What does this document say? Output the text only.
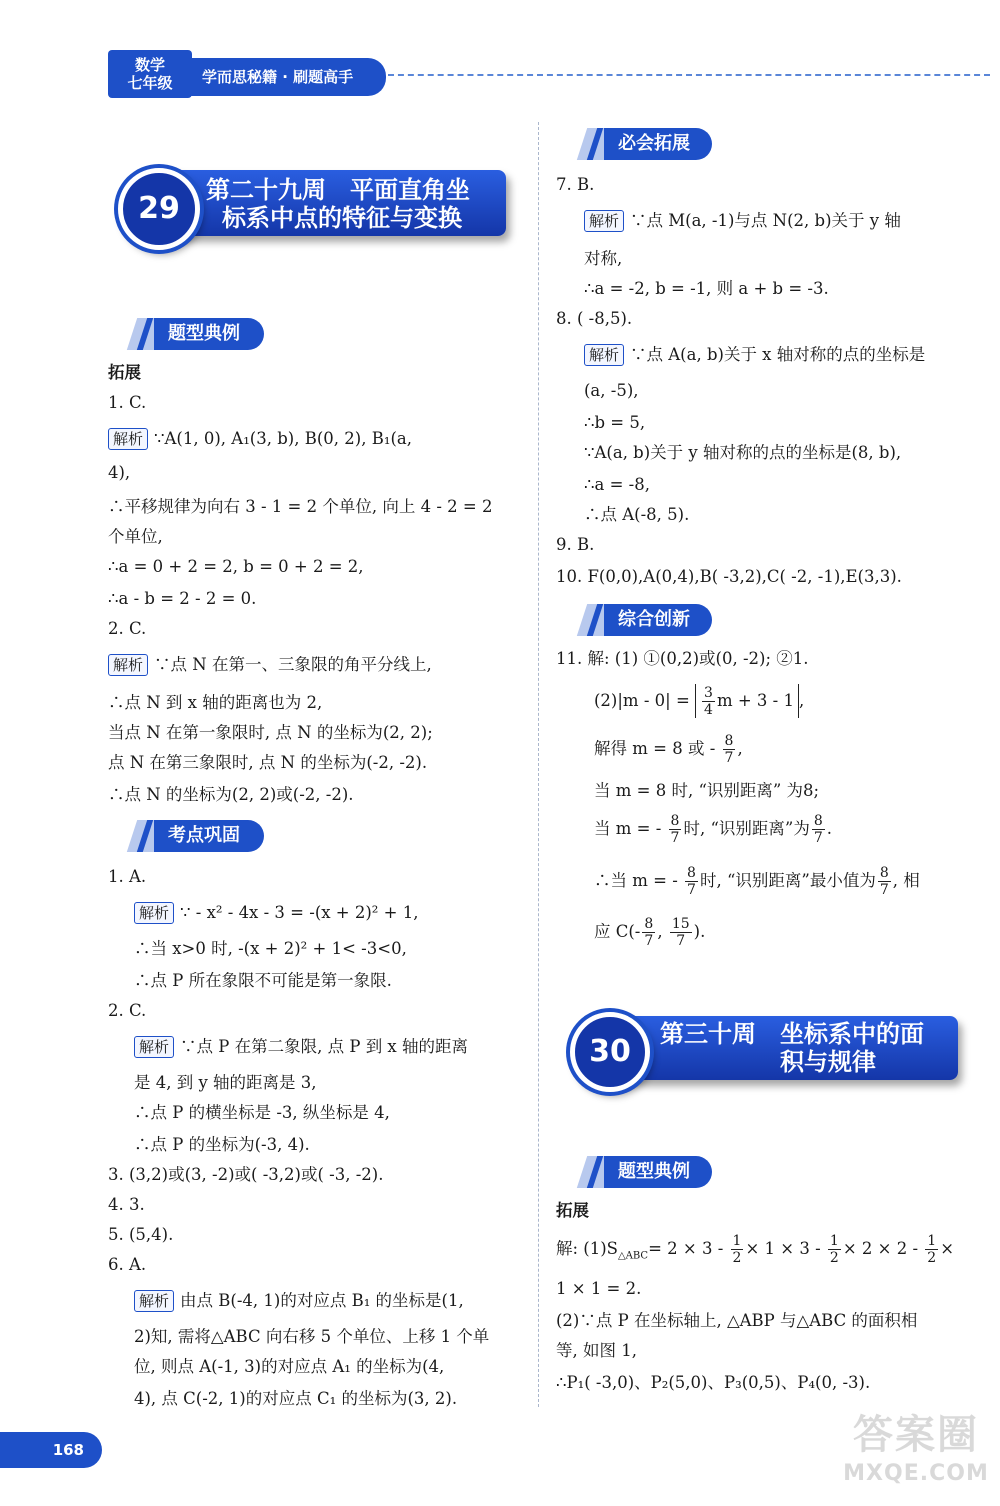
数学
七年级	学而思秘籍 · 刷题高手
第二十九周　平面直角坐
标系中点的特征与变换
29
题型典例
拓展
1. C.
解析 ∵A(1, 0), A₁(3, b), B(0, 2), B₁(a,
4),
∴平移规律为向右 3 - 1 = 2 个单位, 向上 4 - 2 = 2
个单位,
∴a = 0 + 2 = 2, b = 0 + 2 = 2,
∴a - b = 2 - 2 = 0.
2. C.
解析 ∵点 N 在第一、三象限的角平分线上,
∴点 N 到 x 轴的距离也为 2,
当点 N 在第一象限时, 点 N 的坐标为(2, 2);
点 N 在第三象限时, 点 N 的坐标为(-2, -2).
∴点 N 的坐标为(2, 2)或(-2, -2).
考点巩固
1. A.
解析 ∵ - x² - 4x - 3 = -(x + 2)² + 1,
∴当 x>0 时, -(x + 2)² + 1< -3<0,
∴点 P 所在象限不可能是第一象限.
2. C.
解析 ∵点 P 在第二象限, 点 P 到 x 轴的距离
是 4, 到 y 轴的距离是 3,
∴点 P 的横坐标是 -3, 纵坐标是 4,
∴点 P 的坐标为(-3, 4).
3. (3,2)或(3, -2)或( -3,2)或( -3, -2).
4. 3.
5. (5,4).
6. A.
解析 由点 B(-4, 1)的对应点 B₁ 的坐标是(1,
2)知, 需将△ABC 向右移 5 个单位、上移 1 个单
位, 则点 A(-1, 3)的对应点 A₁ 的坐标为(4,
4), 点 C(-2, 1)的对应点 C₁ 的坐标为(3, 2).
必会拓展
7. B.
解析 ∵点 M(a, -1)与点 N(2, b)关于 y 轴
对称,
∴a = -2, b = -1, 则 a + b = -3.
8. ( -8,5).
解析 ∵点 A(a, b)关于 x 轴对称的点的坐标是
(a, -5),
∴b = 5,
∵A(a, b)关于 y 轴对称的点的坐标是(8, b),
∴a = -8,
∴点 A(-8, 5).
9. B.
10. F(0,0),A(0,4),B( -3,2),C( -2, -1),E(3,3).
综合创新
11. 解: (1) ①(0,2)或(0, -2); ②1.
$(2)|m - 0| = \frac{3}{4}$ m + 3 - 1 ,
解得 m = 8 或 - $\frac{8}{7}$ ,
当 m = 8 时, “识别距离” 为8;
当 m = - $\frac{8}{7}$ 时, “识别距离”为 $\frac{8}{7}$ .
∴当 m = - $\frac{8}{7}$ 时, “识别距离”最小值为 $\frac{8}{7}$ , 相
应 $C(- \frac{8}{7}$ , $\frac{15}{7}$ ).
第三十周　坐标系中的面
积与规律
30
题型典例
拓展
解: $(1)S_{\triangle ABC}= 2 \times 3 - \frac{1}{2} \times 1 \times 3 - \frac{1}{2} \times 2 \times 2 - \frac{1}{2}$ ×
1 × 1 = 2.
(2)∵点 P 在坐标轴上, △ABP 与△ABC 的面积相
等, 如图 1,
∴P₁( -3,0)、P₂(5,0)、P₃(0,5)、P₄(0, -3).
168	答案圈
MXQE.COM
